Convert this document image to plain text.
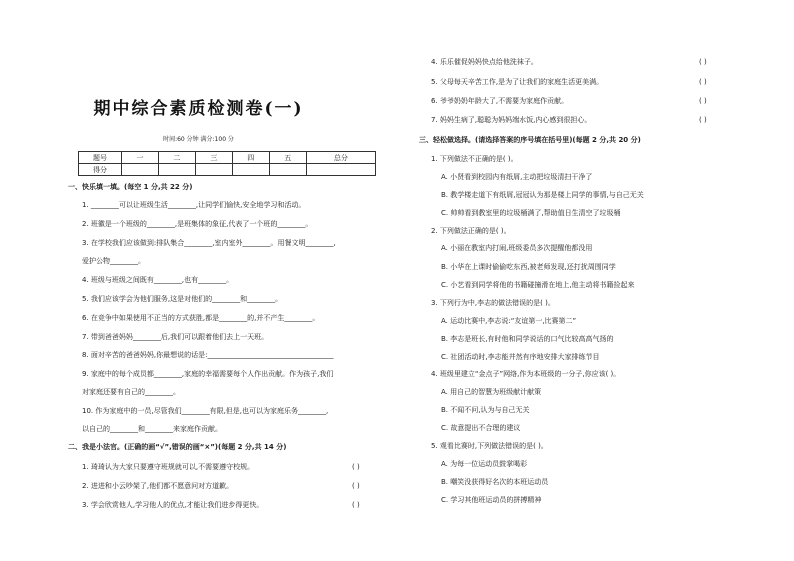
期中综合素质检测卷(一)
时间:60 分钟 满分:100 分
题号	一	二	三	四	五	总分
得分						
一、快乐填一填。(每空 1 分,共 22 分)
1. ________可以让班级生活________,让同学们愉快,安全地学习和活动。
2. 班徽是一个班级的________,是班集体的象征,代表了一个班的________。
3. 在学校我们应该做到:排队集合________,室内室外________。用餐文明________,
爱护公物________。
4. 班级与班级之间既有________,也有________。
5. 我们应该学会为他们服务,这是对他们的________和________。
6. 在竞争中如果使用不正当的方式获胜,都是________的,并不产生________。
7. 带到爸爸妈妈________后,我们可以跟着他们去上一天班。
8. 面对辛苦的爸爸妈妈,你最想说的话是:____________________________________
9. 家庭中的每个成员都________,家庭的幸福需要每个人作出贡献。作为孩子,我们
对家庭还要有自己的________。
10. 作为家庭中的一员,尽管我们________有限,但是,也可以为家庭乐务________,
以自己的________和________来家庭作贡献。
二、我是小法官。(正确的画“√”,错误的画“×”)(每题 2 分,共 14 分)
1. 琦琦认为大家只要遵守班规就可以,不需要遵守校规。	( )
2. 进进和小云吵架了,他们都不愿意问对方道歉。	( )
3. 学会欣赏他人,学习他人的优点,才能让我们进步得更快。	( )
4. 乐乐催促妈妈快点给他洗袜子。	( )
5. 父母每天辛苦工作,是为了让我们的家庭生活更美满。	( )
6. 爷爷奶奶年龄大了,不需要为家庭作贡献。	( )
7. 妈妈生病了,聪聪为妈妈端水饭,内心感到很担心。	( )
三、轻松做选择。(请选择答案的序号填在括号里)(每题 2 分,共 20 分)
1. 下列做法不正确的是( )。
A. 小贤看到校园内有纸屑,主动把垃圾清扫干净了
B. 教学楼走道下有纸屑,冠冠认为那是楼上同学的事情,与自己无关
C. 帅帅看到教室里的垃圾桶满了,帮助值日生清空了垃圾桶
2. 下列做法正确的是( )。
A. 小丽在教室内打闹,班级委员多次提醒他都没用
B. 小华在上课时偷偷吃东西,被老师发现,还打扰周围同学
C. 小艺看到同学将他的书籍碰撞滑在地上,他主动将书籍捡起来
3. 下列行为中,李志的做法错误的是( )。
A. 运动比赛中,李志说:“友谊第一,比赛第二”
B. 李志是班长,有时他和同学说话的口气比较高高气扬的
C. 社团活动时,李志能井然有序地安排大家排练节目
4. 班级里建立“金点子”网络,作为本班级的一分子,你应该( )。
A. 用自己的智慧为班级献计献策
B. 不闻不问,认为与自己无关
C. 故意提出不合理的建议
5. 观看比赛时,下列做法错误的是( )。
A. 为每一位运动员鼓掌喝彩
B. 嘲笑没获得好名次的本班运动员
C. 学习其他班运动员的拼搏精神
